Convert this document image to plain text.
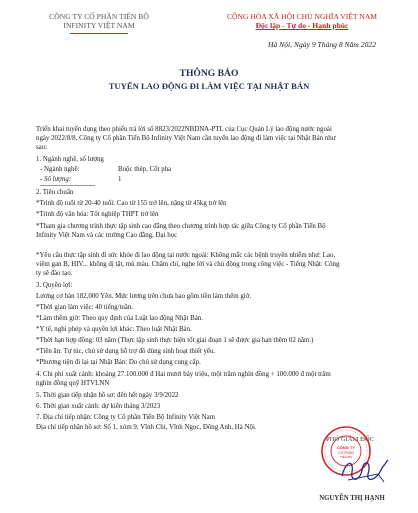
CÔNG TY CỔ PHẦN TIẾN BỘ
INFINITY VIỆT NAM
CỘNG HÒA XÃ HỘI CHỦ NGHĨA VIỆT NAM
Độc lập - Tự do - Hạnh phúc
Hà Nội, Ngày 9 Tháng 8 Năm 2022
THÔNG BÁO
TUYỂN LAO ĐỘNG ĐI LÀM VIỆC TẠI NHẬT BẢN
Triển khai tuyển dụng theo phiếu trả lời số 8823/2022NBDNA-PTL của Cục Quản Lý lao động nước ngoài
ngày 2022/8/8, Công ty Cổ phần Tiến Bộ Infinity Việt Nam cần tuyển lao động đi làm việc tại Nhật Bản như
sau:
1. Ngành nghề, số lượng
- Ngành nghề:	Buộc thép, Cốt pha
- Số lượng:	1
2. Tiêu chuẩn
*Trình độ tuổi từ 20-40 tuổi: Cao từ 155 trở lên, nặng từ 45kg trở lên
*Trình độ văn hóa: Tốt nghiệp THPT trở lên
*Tham gia chương trình thực tập sinh cao đẳng theo chương trình hợp tác giữa Công ty Cổ phần Tiến Bộ
Infinity Việt Nam và các trường Cao đẳng, Đại học
*Yêu cầu thực tập sinh đi sức khỏe đi lao động tại nước ngoài: Không mắc các bệnh truyền nhiễm như: Lao,
viêm gan B, HIV... không dị tật, mù màu. Chăm chỉ, nghe lời và chủ động trong công việc - Tiếng Nhật: Công
ty sẽ đào tạo.
3. Quyền lợi:
Lương cơ bản 182,000 Yên. Mức lương trên chưa bao gồm tiền làm thêm giờ.
*Thời gian làm việc: 40 tiếng/tuần.
*Làm thêm giờ: Theo quy định của Luật lao động Nhật Bản.
*Y tế, nghỉ phép và quyền lợi khác: Theo luật Nhật Bản.
*Thời hạn hợp đồng: 03 năm (Thực tập sinh thực hiện tốt giai đoạn 1 sẽ được gia hạn thêm 02 năm.)
*Tiền ăn: Tự túc, chủ sử dụng hỗ trợ đồ dùng sinh hoạt thiết yếu.
*Phương tiện đi lại tại Nhật Bản: Do chủ sử dụng cung cấp.
4. Chi phí xuất cảnh: khoảng 27.100.000 đ Hai mươi bảy triệu, một trăm nghìn đồng + 100.000 đ một trăm
nghìn đồng quỹ HTVLNN
5. Thời gian tiếp nhận hồ sơ: đến hết ngày 3/9/2022
6. Thời gian xuất cảnh: dự kiến tháng 3/2023
7. Địa chỉ tiếp nhận: Công ty Cổ phần Tiến Bộ Infinity Việt Nam
Địa chỉ tiếp nhận hồ sơ: Số 1, xóm 9, Vĩnh Chi, Vĩnh Ngọc, Đông Anh, Hà Nội.
PHÓ GIÁM ĐỐC
CÔNG TY
CỔ PHẦN
TIẾN BỘ
NGUYỄN THỊ HẠNH
